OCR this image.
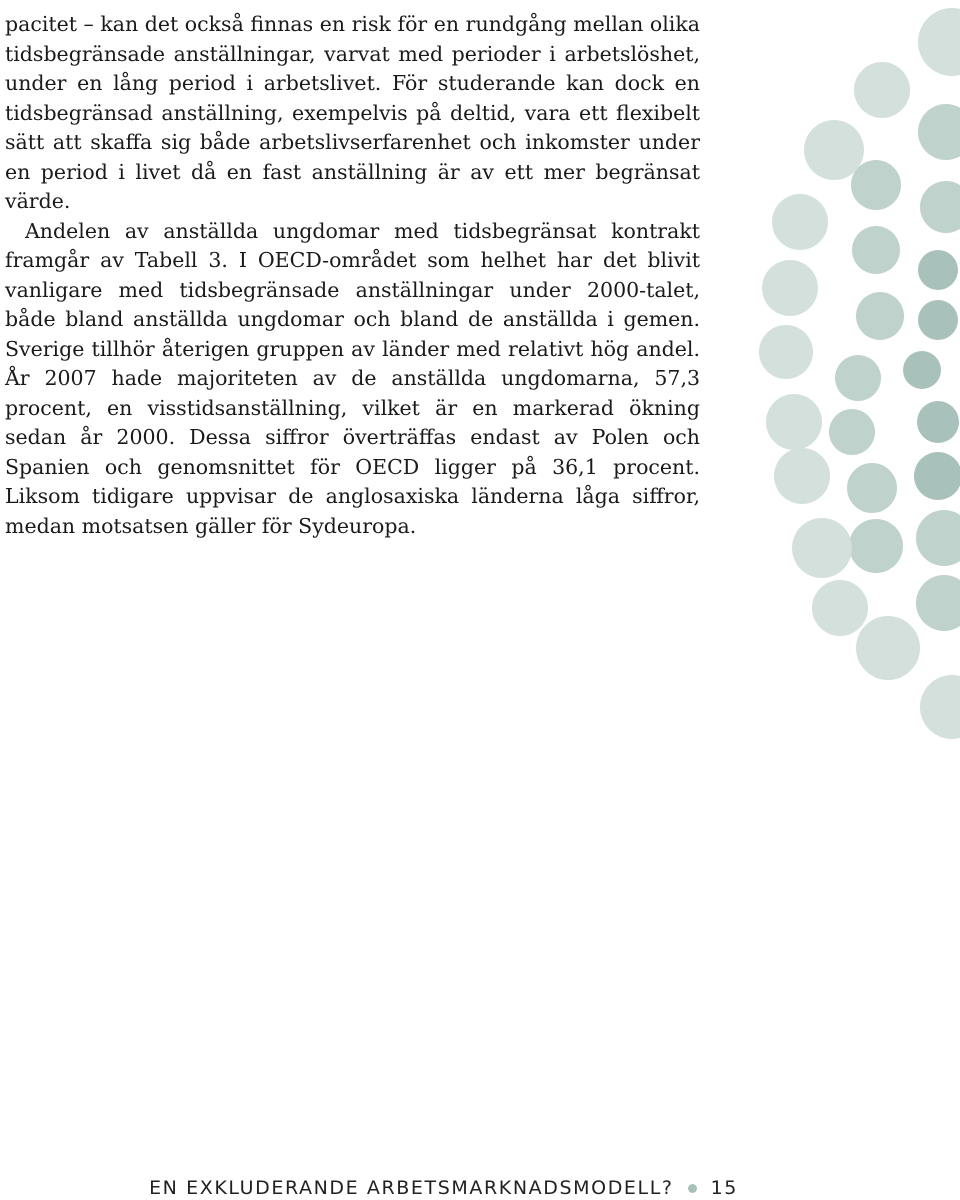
pacitet – kan det också finnas en risk för en rundgång mellan olika tidsbegränsade anställningar, varvat med perioder i arbetslöshet, under en lång period i arbetslivet. För studerande kan dock en tidsbegränsad anställning, exempelvis på deltid, vara ett flexibelt sätt att skaffa sig både arbetslivserfarenhet och inkomster under en period i livet då en fast anställning är av ett mer begränsat värde.

Andelen av anställda ungdomar med tidsbegränsat kontrakt framgår av Tabell 3. I OECD-området som helhet har det blivit vanligare med tidsbegränsade anställningar under 2000-talet, både bland anställda ungdomar och bland de anställda i gemen. Sverige tillhör återigen gruppen av länder med relativt hög andel. År 2007 hade majoriteten av de anställda ungdomarna, 57,3 procent, en visstidsanställning, vilket är en markerad ökning sedan år 2000. Dessa siffror överträffas endast av Polen och Spanien och genomsnittet för OECD ligger på 36,1 procent. Liksom tidigare uppvisar de anglosaxiska länderna låga siffror, medan motsatsen gäller för Sydeuropa.

EN EXKLUDERANDE ARBETSMARKNADSMODELL? 15
